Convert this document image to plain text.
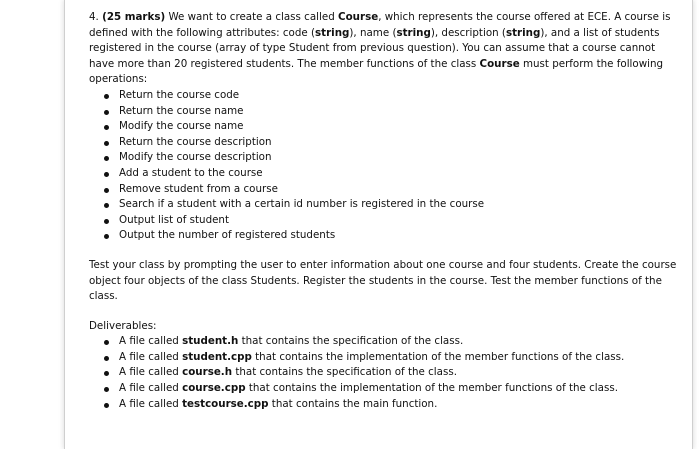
4. (25 marks) We want to create a class called Course, which represents the course offered at ECE. A course is defined with the following attributes: code (string), name (string), description (string), and a list of students registered in the course (array of type Student from previous question). You can assume that a course cannot have more than 20 registered students. The member functions of the class Course must perform the following operations:

Return the course code
Return the course name
Modify the course name
Return the course description
Modify the course description
Add a student to the course
Remove student from a course
Search if a student with a certain id number is registered in the course
Output list of student
Output the number of registered students

Test your class by prompting the user to enter information about one course and four students. Create the course object four objects of the class Students. Register the students in the course. Test the member functions of the class.

Deliverables:

A file called student.h that contains the specification of the class.
A file called student.cpp that contains the implementation of the member functions of the class.
A file called course.h that contains the specification of the class.
A file called course.cpp that contains the implementation of the member functions of the class.
A file called testcourse.cpp that contains the main function.
